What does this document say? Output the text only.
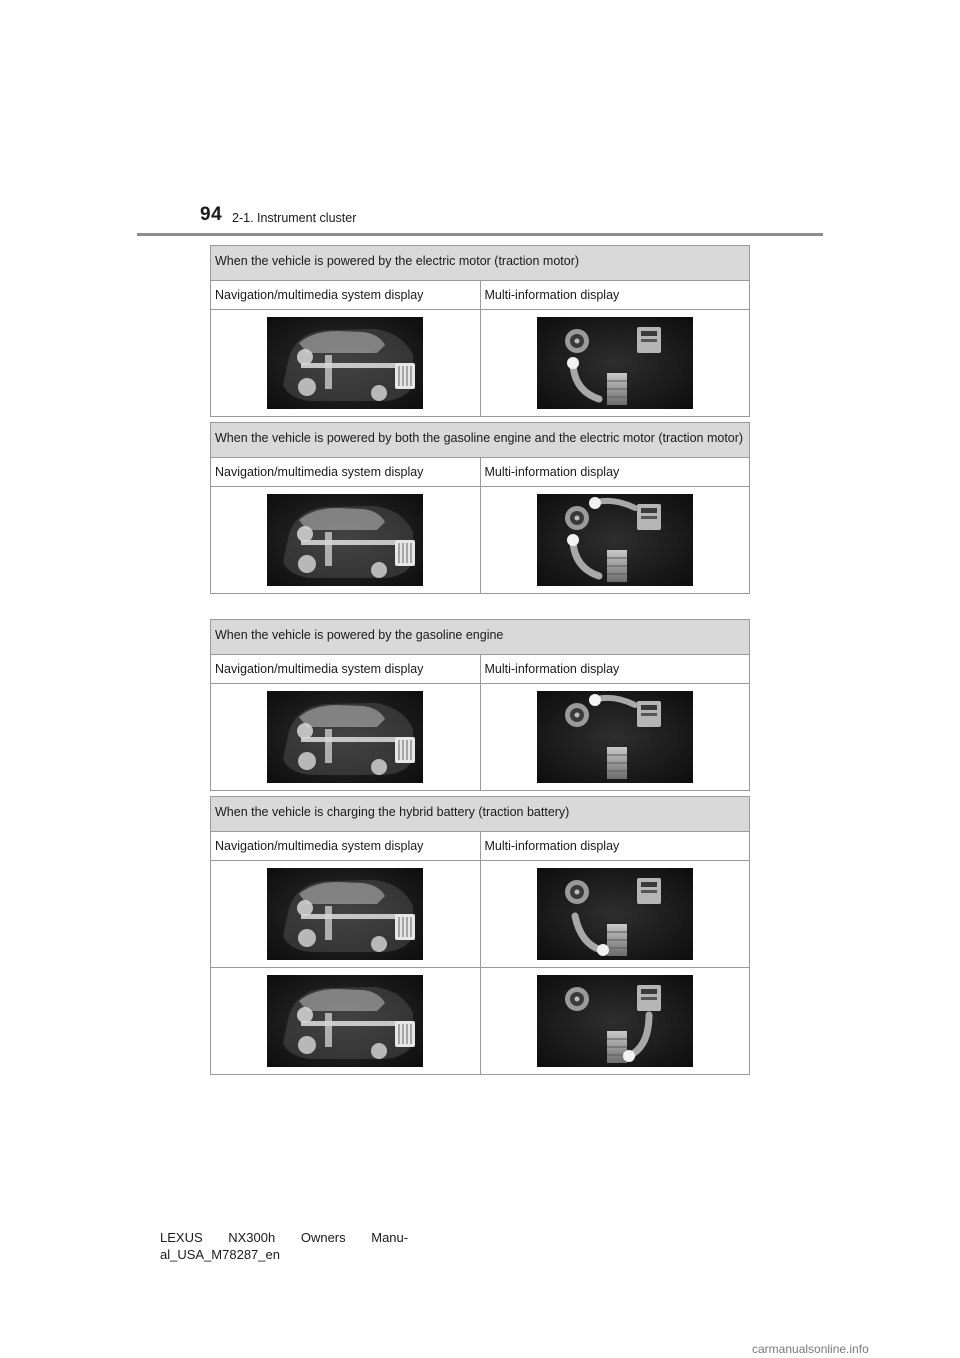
94 2-1. Instrument cluster
When the vehicle is powered by the electric motor (traction motor)	
Navigation/multimedia system display	Multi-information display

When the vehicle is powered by both the gasoline engine and the electric motor (traction motor)	
Navigation/multimedia system display	Multi-information display

When the vehicle is powered by the gasoline engine	
Navigation/multimedia system display	Multi-information display

When the vehicle is charging the hybrid battery (traction battery)	
Navigation/multimedia system display	Multi-information display

LEXUS NX300h Owners Manu-
al_USA_M78287_en
carmanualsonline.info
